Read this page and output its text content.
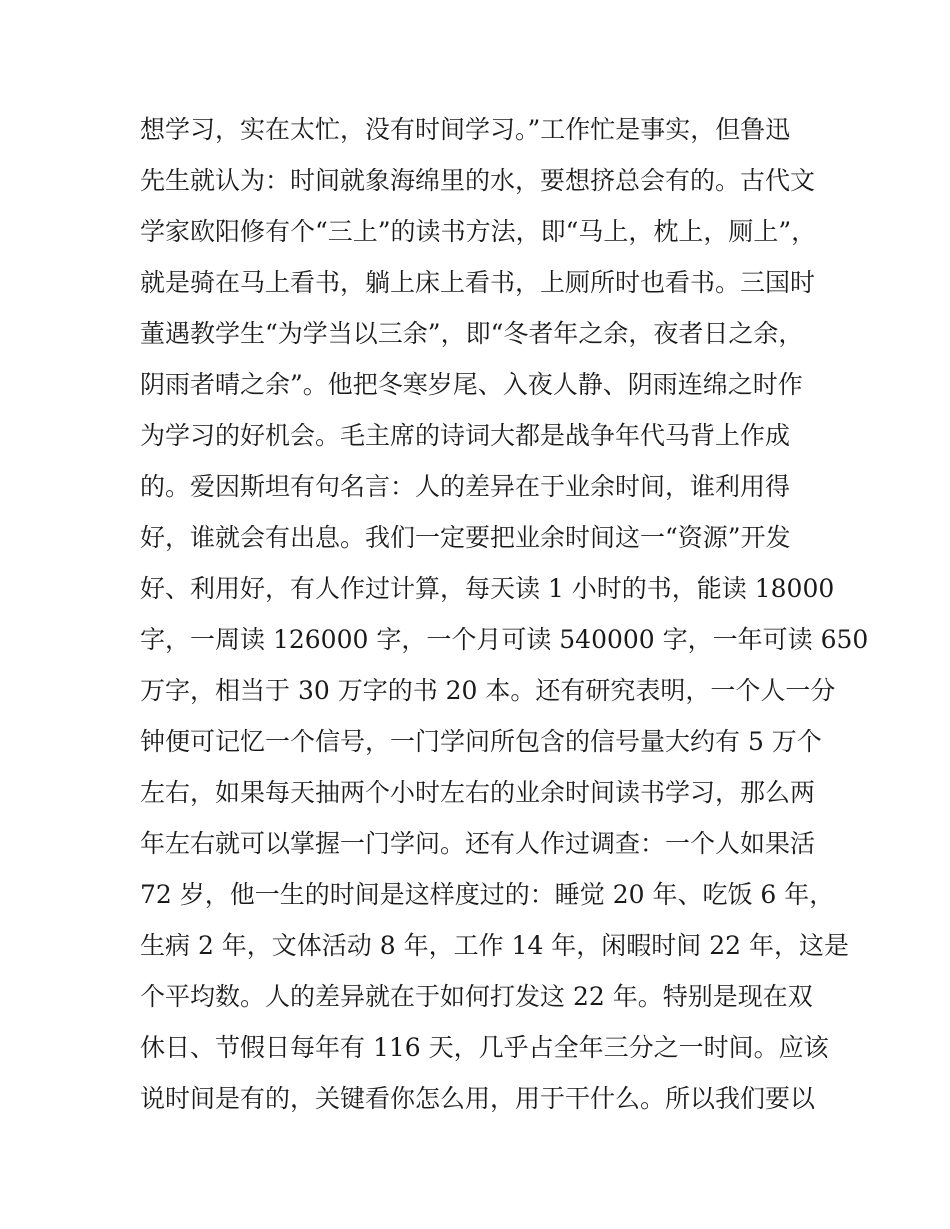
想学习，实在太忙，没有时间学习。”工作忙是事实，但鲁迅
先生就认为：时间就象海绵里的水，要想挤总会有的。古代文
学家欧阳修有个“三上”的读书方法，即“马上，枕上，厕上”，
就是骑在马上看书，躺上床上看书，上厕所时也看书。三国时
董遇教学生“为学当以三余”，即“冬者年之余，夜者日之余，
阴雨者晴之余”。他把冬寒岁尾、入夜人静、阴雨连绵之时作
为学习的好机会。毛主席的诗词大都是战争年代马背上作成
的。爱因斯坦有句名言：人的差异在于业余时间，谁利用得
好，谁就会有出息。我们一定要把业余时间这一“资源”开发
好、利用好，有人作过计算，每天读 1 小时的书，能读 18000
字，一周读 126000 字，一个月可读 540000 字，一年可读 650
万字，相当于 30 万字的书 20 本。还有研究表明，一个人一分
钟便可记忆一个信号，一门学问所包含的信号量大约有 5 万个
左右，如果每天抽两个小时左右的业余时间读书学习，那么两
年左右就可以掌握一门学问。还有人作过调查：一个人如果活
72 岁，他一生的时间是这样度过的：睡觉 20 年、吃饭 6 年，
生病 2 年，文体活动 8 年，工作 14 年，闲暇时间 22 年，这是
个平均数。人的差异就在于如何打发这 22 年。特别是现在双
休日、节假日每年有 116 天，几乎占全年三分之一时间。应该
说时间是有的，关键看你怎么用，用于干什么。所以我们要以
